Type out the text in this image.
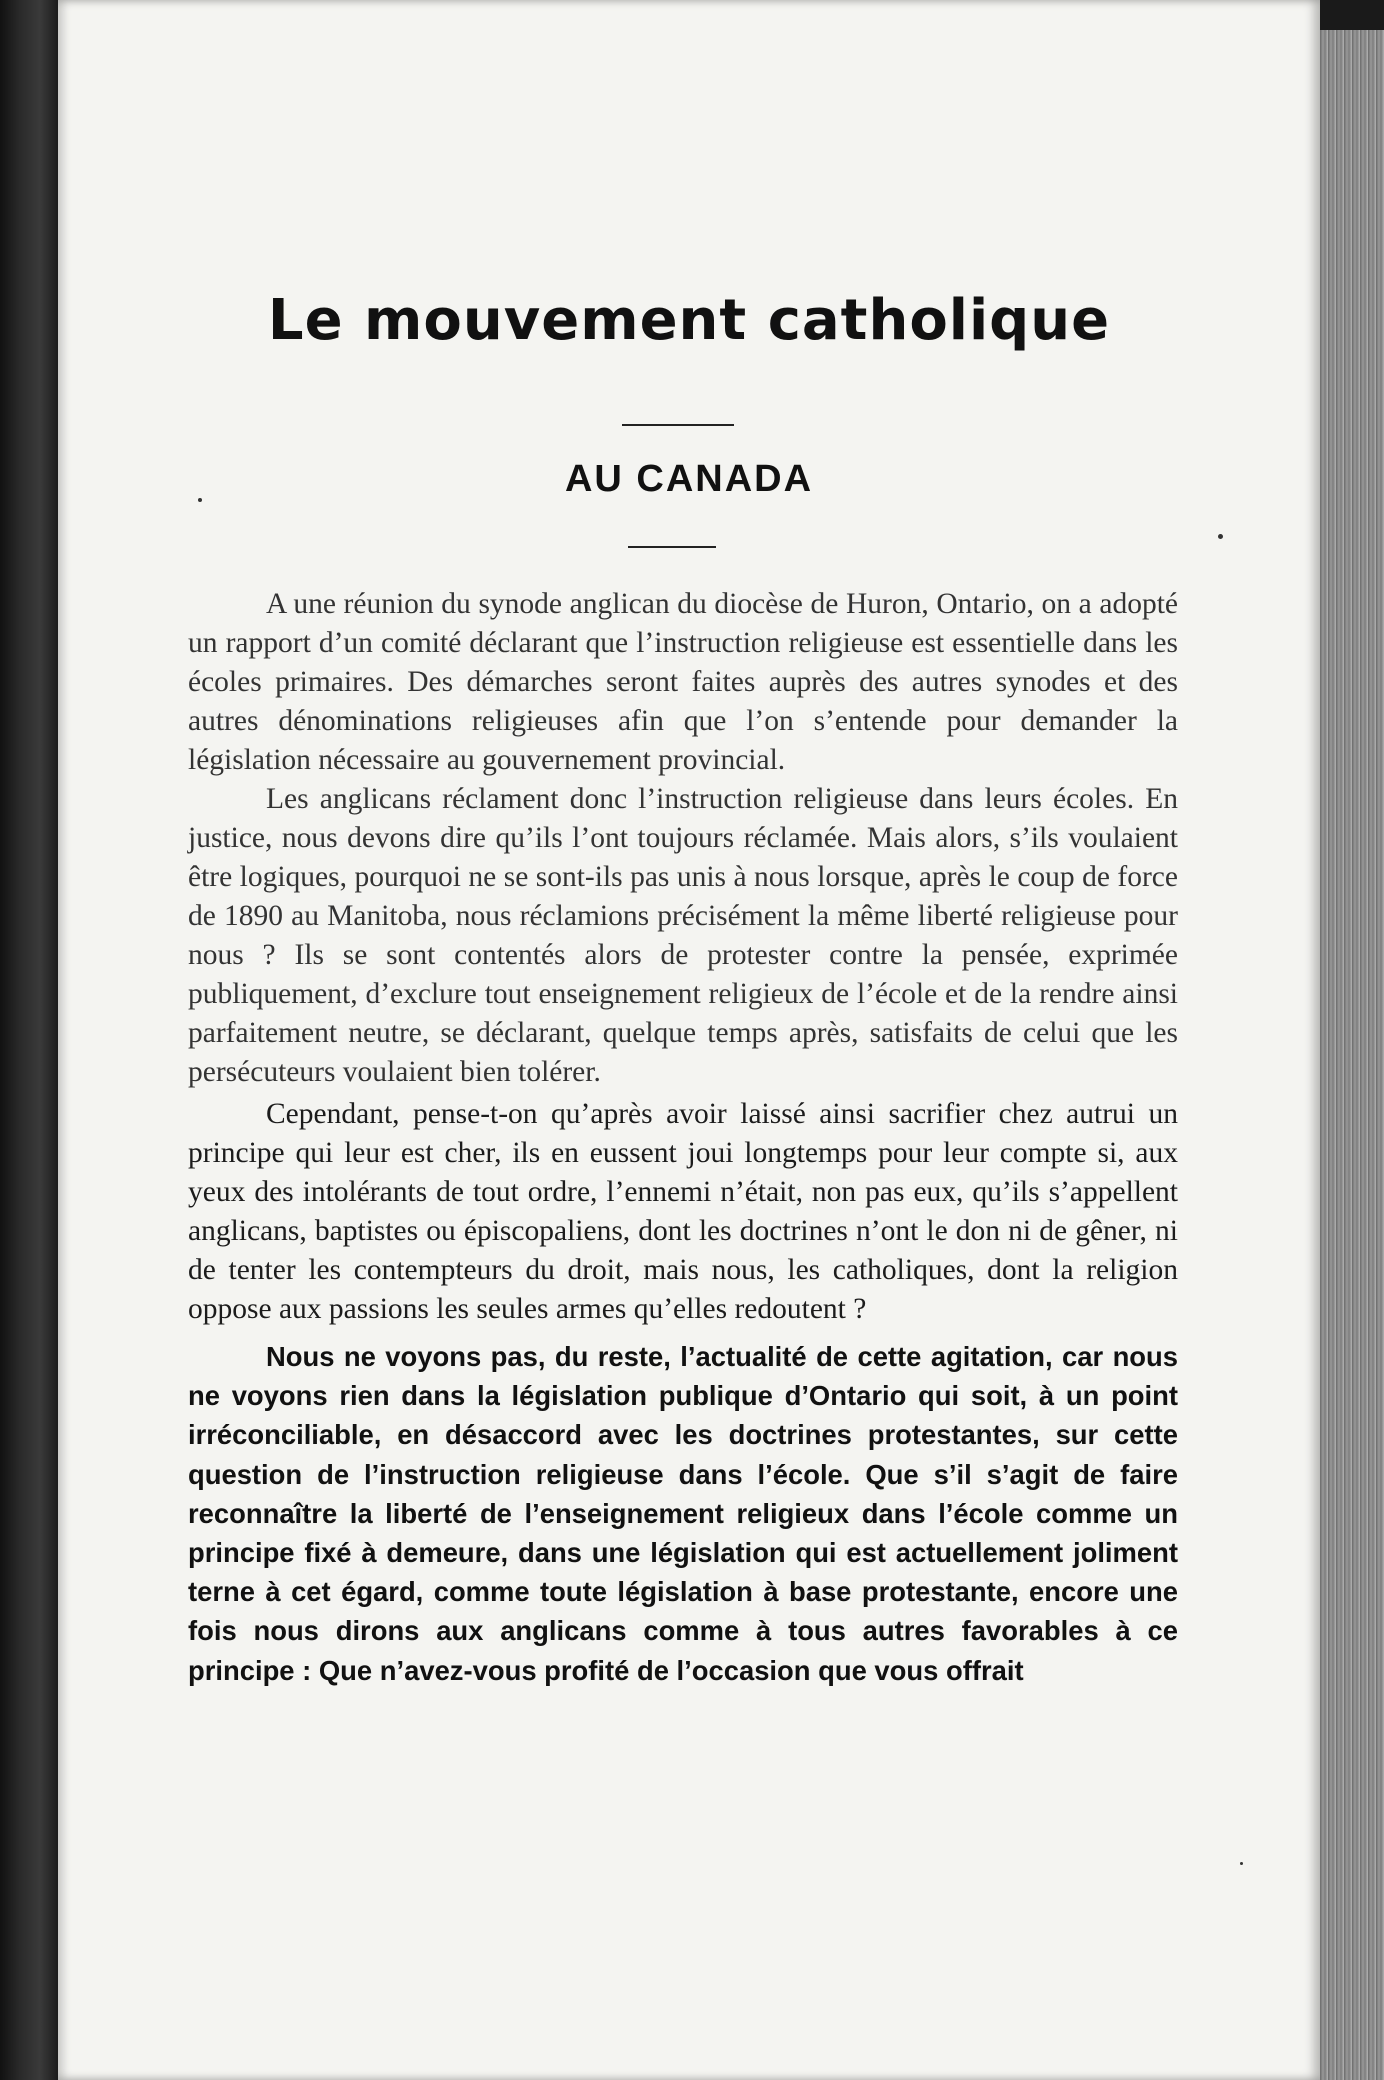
Le mouvement catholique
AU CANADA

A une réunion du synode anglican du diocèse de Huron, Ontario, on a adopté un rapport d’un comité déclarant que l’instruction religieuse est essentielle dans les écoles primaires. Des démarches seront faites auprès des autres synodes et des autres dénominations religieuses afin que l’on s’entende pour demander la législation nécessaire au gouvernement provincial.

Les anglicans réclament donc l’instruction religieuse dans leurs écoles. En justice, nous devons dire qu’ils l’ont toujours réclamée. Mais alors, s’ils voulaient être logiques, pourquoi ne se sont-ils pas unis à nous lorsque, après le coup de force de 1890 au Manitoba, nous réclamions précisément la même liberté religieuse pour nous ? Ils se sont contentés alors de protester contre la pensée, exprimée publiquement, d’exclure tout enseignement religieux de l’école et de la rendre ainsi parfaitement neutre, se déclarant, quelque temps après, satisfaits de celui que les persécuteurs voulaient bien tolérer.

Cependant, pense-t-on qu’après avoir laissé ainsi sacrifier chez autrui un principe qui leur est cher, ils en eussent joui longtemps pour leur compte si, aux yeux des intolérants de tout ordre, l’ennemi n’était, non pas eux, qu’ils s’appellent anglicans, baptistes ou épiscopaliens, dont les doctrines n’ont le don ni de gêner, ni de tenter les contempteurs du droit, mais nous, les catholiques, dont la religion oppose aux passions les seules armes qu’elles redoutent ?

Nous ne voyons pas, du reste, l’actualité de cette agitation, car nous ne voyons rien dans la législation publique d’Ontario qui soit, à un point irréconciliable, en désaccord avec les doctrines protestantes, sur cette question de l’instruction religieuse dans l’école. Que s’il s’agit de faire reconnaître la liberté de l’enseignement religieux dans l’école comme un principe fixé à demeure, dans une législation qui est actuellement joliment terne à cet égard, comme toute législation à base protestante, encore une fois nous dirons aux anglicans comme à tous autres favorables à ce principe : Que n’avez-vous profité de l’occasion que vous offrait
